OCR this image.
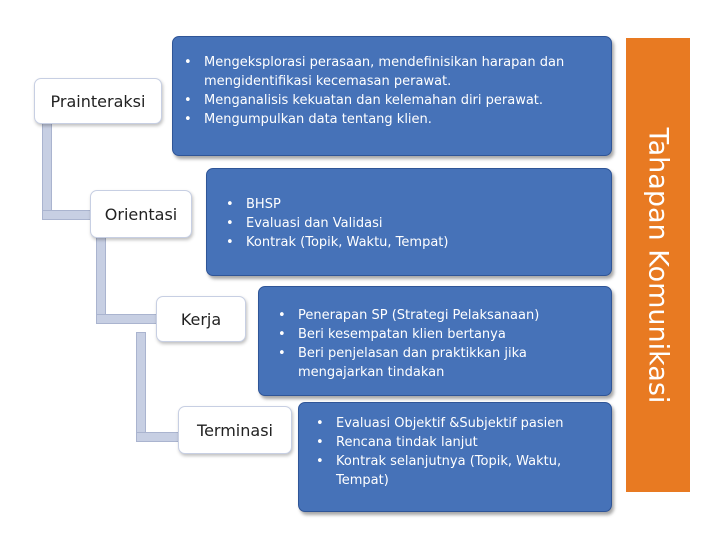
• Mengeksplorasi perasaan, mendefinisikan harapan dan mengidentifikasi kecemasan perawat.
• Menganalisis kekuatan dan kelemahan diri perawat.
• Mengumpulkan data tentang klien.
Prainteraksi
• BHSP
• Evaluasi dan Validasi
• Kontrak (Topik, Waktu, Tempat)
Orientasi
• Penerapan SP (Strategi Pelaksanaan)
• Beri kesempatan klien bertanya
• Beri penjelasan dan praktikkan jika mengajarkan tindakan
Kerja
• Evaluasi Objektif &Subjektif pasien
• Rencana tindak lanjut
• Kontrak selanjutnya (Topik, Waktu, Tempat)
Terminasi
Tahapan Komunikasi
